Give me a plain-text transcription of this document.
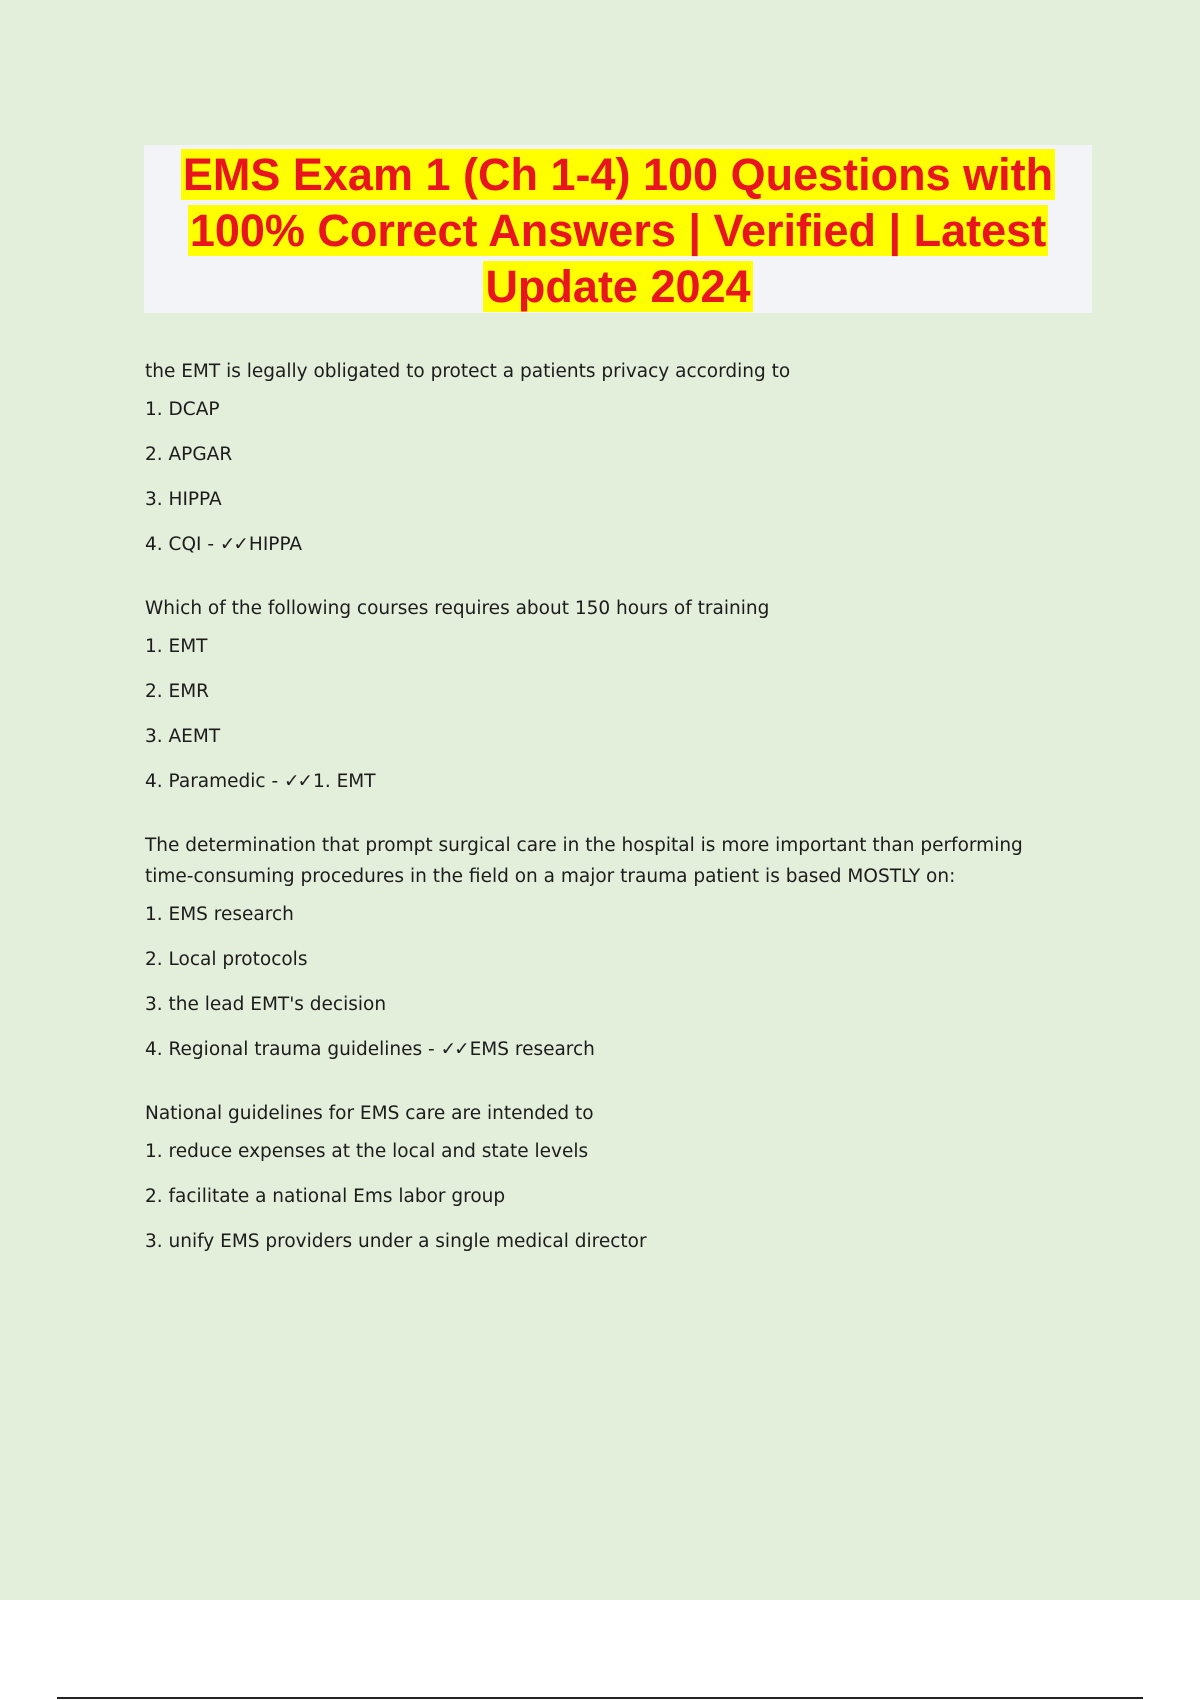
EMS Exam 1 (Ch 1-4) 100 Questions with 100% Correct Answers | Verified | Latest Update 2024
the EMT is legally obligated to protect a patients privacy according to
1. DCAP
2. APGAR
3. HIPPA
4. CQI - ✓✓ HIPPA
Which of the following courses requires about 150 hours of training
1. EMT
2. EMR
3. AEMT
4. Paramedic - ✓✓ 1. EMT
The determination that prompt surgical care in the hospital is more important than performing time-consuming procedures in the field on a major trauma patient is based MOSTLY on:
1. EMS research
2. Local protocols
3. the lead EMT's decision
4. Regional trauma guidelines - ✓✓ EMS research
National guidelines for EMS care are intended to
1. reduce expenses at the local and state levels
2. facilitate a national Ems labor group
3. unify EMS providers under a single medical director
